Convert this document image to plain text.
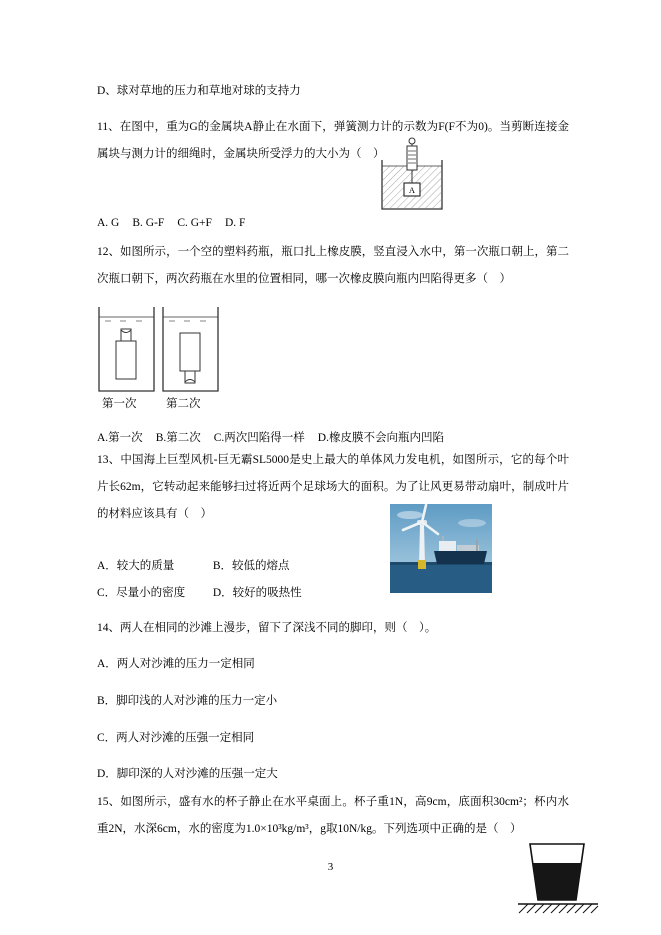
D、球对草地的压力和草地对球的支持力
11、在图中，重为G的金属块A静止在水面下，弹簧测力计的示数为F(F不为0)。当剪断连接金属块与测力计的细绳时，金属块所受浮力的大小为（　）
A
A. G B. G-F C. G+F D. F
12、如图所示，一个空的塑料药瓶，瓶口扎上橡皮膜，竖直浸入水中，第一次瓶口朝上，第二次瓶口朝下，两次药瓶在水里的位置相同，哪一次橡皮膜向瓶内凹陷得更多（　）
第一次	第二次
A.第一次 B.第二次 C.两次凹陷得一样 D.橡皮膜不会向瓶内凹陷
13、中国海上巨型风机-巨无霸SL5000是史上最大的单体风力发电机，如图所示，它的每个叶片长62m，它转动起来能够扫过将近两个足球场大的面积。为了让风更易带动扇叶，制成叶片的材料应该具有（　）
A．较大的质量	B．较低的熔点
C．尽量小的密度 D．较好的吸热性
14、两人在相同的沙滩上漫步，留下了深浅不同的脚印，则（　）。
A．两人对沙滩的压力一定相同
B．脚印浅的人对沙滩的压力一定小
C．两人对沙滩的压强一定相同
D．脚印深的人对沙滩的压强一定大
15、如图所示，盛有水的杯子静止在水平桌面上。杯子重1N，高9cm，底面积30cm²；杯内水重2N，水深6cm，水的密度为1.0×10³kg/m³，g取10N/kg。下列选项中正确的是（　）
3
